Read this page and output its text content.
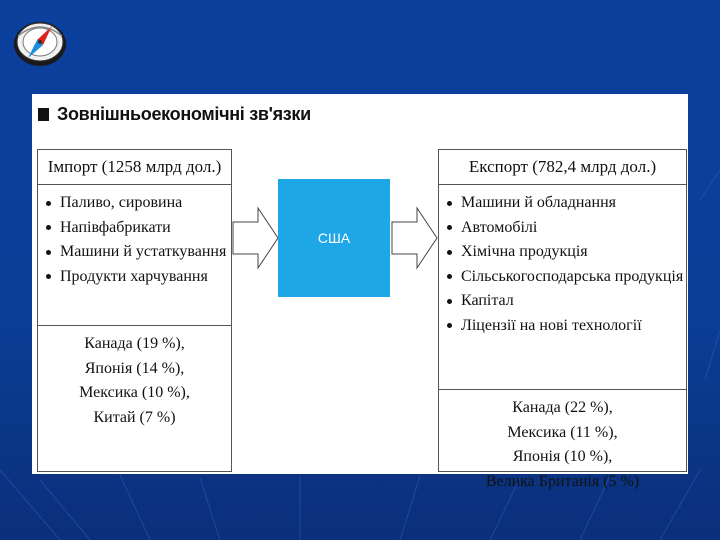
Зовнішньоекономічні зв'язки
Імпорт (1258 млрд дол.)
Паливо, сировина
Напівфабрикати
Машини й устаткування
Продукти харчування
Канада (19 %),
Японія (14 %),
Мексика (10 %),
Китай (7 %)
США
Експорт (782,4 млрд дол.)
Машини й обладнання
Автомобілі
Хімічна продукція
Сільськогосподарська продукція
Капітал
Ліцензії на нові технології
Канада (22 %),
Мексика (11 %),
Японія (10 %),
Велика Британія (5 %)
